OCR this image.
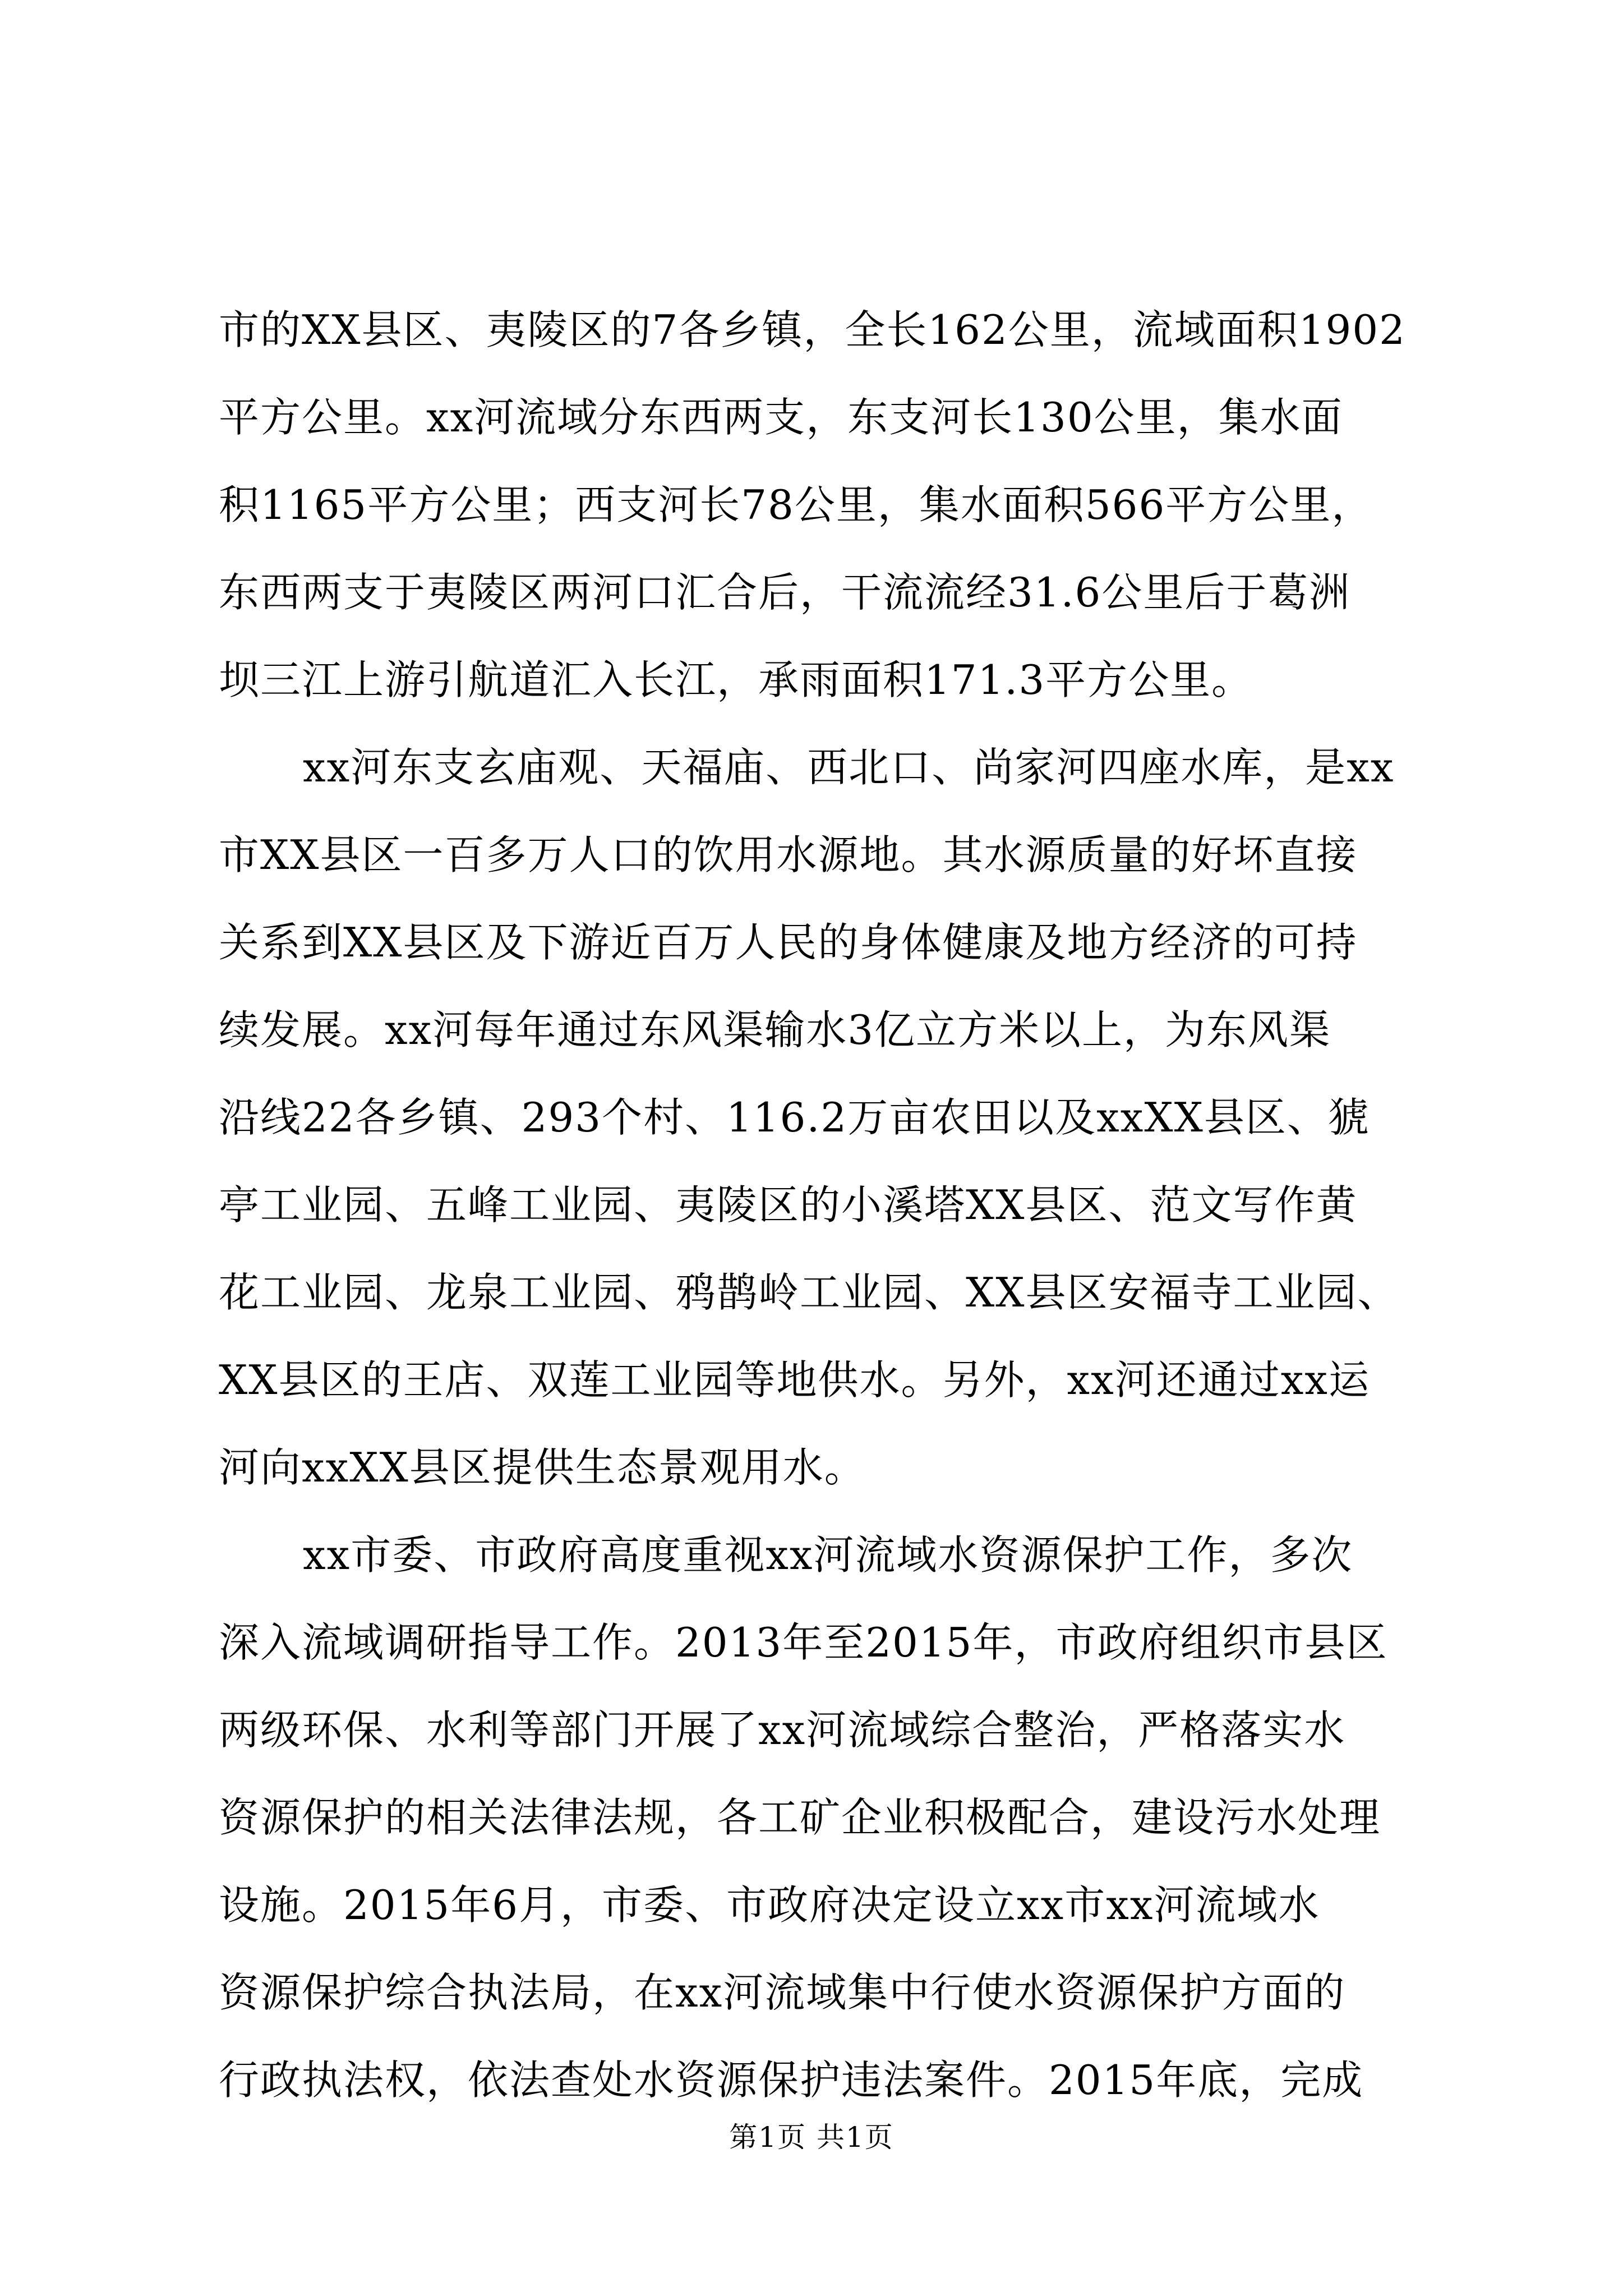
市的XX县区、夷陵区的7各乡镇，全长162公里，流域面积1902
平方公里。xx河流域分东西两支，东支河长130公里，集水面
积1165平方公里；西支河长78公里，集水面积566平方公里，
东西两支于夷陵区两河口汇合后，干流流经31.6公里后于葛洲
坝三江上游引航道汇入长江，承雨面积171.3平方公里。
xx河东支玄庙观、天福庙、西北口、尚家河四座水库，是xx
市XX县区一百多万人口的饮用水源地。其水源质量的好坏直接
关系到XX县区及下游近百万人民的身体健康及地方经济的可持
续发展。xx河每年通过东风渠输水3亿立方米以上，为东风渠
沿线22各乡镇、293个村、116.2万亩农田以及xxXX县区、猇
亭工业园、五峰工业园、夷陵区的小溪塔XX县区、范文写作黄
花工业园、龙泉工业园、鸦鹊岭工业园、XX县区安福寺工业园、
XX县区的王店、双莲工业园等地供水。另外，xx河还通过xx运
河向xxXX县区提供生态景观用水。
xx市委、市政府高度重视xx河流域水资源保护工作，多次
深入流域调研指导工作。2013年至2015年，市政府组织市县区
两级环保、水利等部门开展了xx河流域综合整治，严格落实水
资源保护的相关法律法规，各工矿企业积极配合，建设污水处理
设施。2015年6月，市委、市政府决定设立xx市xx河流域水
资源保护综合执法局，在xx河流域集中行使水资源保护方面的
行政执法权，依法查处水资源保护违法案件。2015年底，完成
第1页 共1页
